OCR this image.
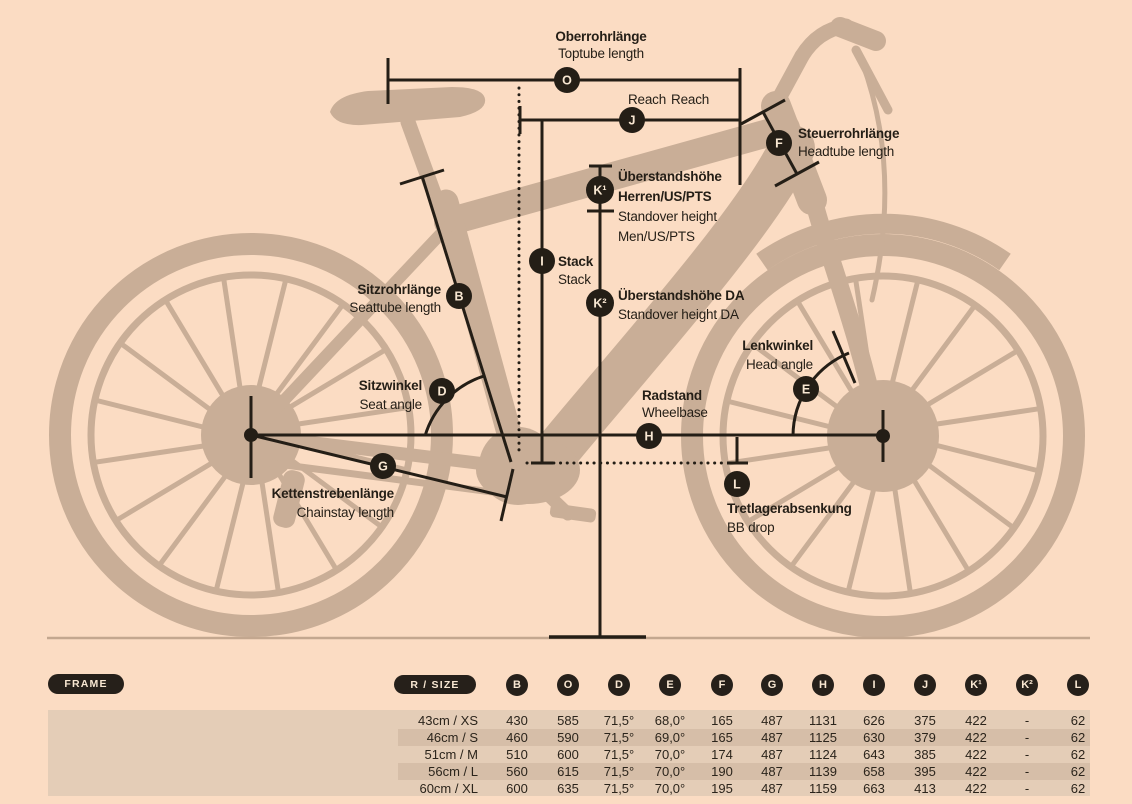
O
J
F
K¹
I
K²
B
D	E
H
G
L
Oberrohrlänge
Toptube length
Reach Reach
Steuerrohrlänge
Headtube length
Überstandshöhe
Herren/US/PTS
Standover height
Men/US/PTS
Stack
Stack
Überstandshöhe DA
Standover height DA
Sitzrohrlänge
Seattube length
Sitzwinkel
Seat angle
Lenkwinkel
Head angle
Radstand
Wheelbase
Kettenstrebenlänge
Chainstay length	Tretlagerabsenkung
BB drop
FRAME	R / SIZE	B	O	D	E	F	G	H	I	J	K¹	K²	L
43cm / XS	430	585	71,5°	68,0°	165	487	1131	626	375	422	-	62
46cm / S	460	590	71,5°	69,0°	165	487	1125	630	379	422	-	62
51cm / M	510	600	71,5°	70,0°	174	487	1124	643	385	422	-	62
56cm / L	560	615	71,5°	70,0°	190	487	1139	658	395	422	-	62
60cm / XL	600	635	71,5°	70,0°	195	487	1159	663	413	422	-	62
